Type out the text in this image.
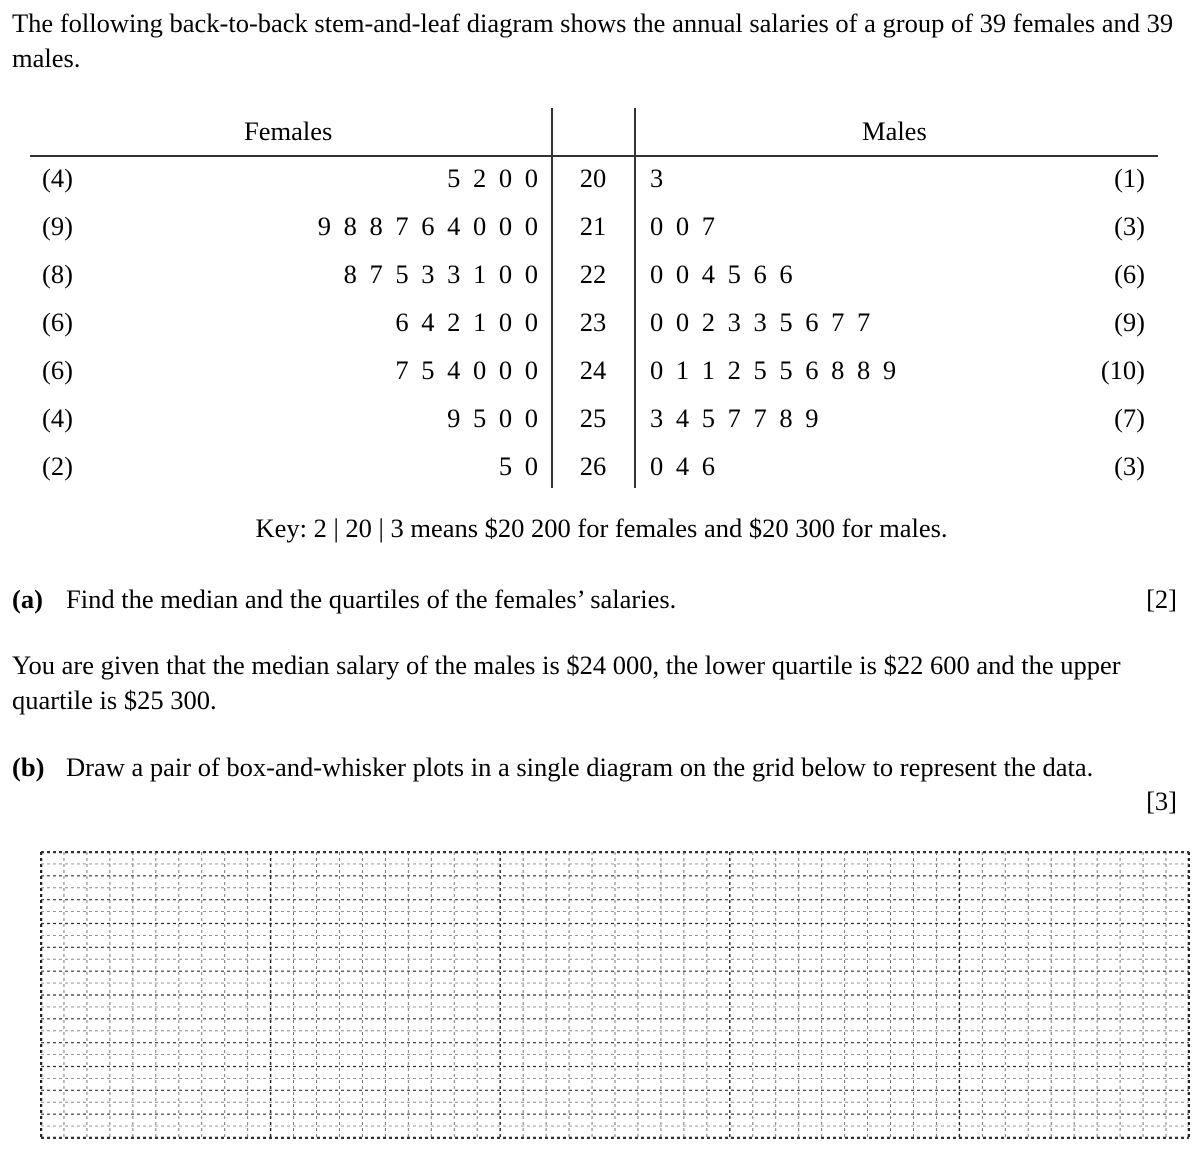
The following back-to-back stem-and-leaf diagram shows the annual salaries of a group of 39 females and 39 males.
Females	Males
(4)	5 2 0 0	20	3	(1)
(9)	9 8 8 7 6 4 0 0 0	21	0 0 7	(3)
(8)	8 7 5 3 3 1 0 0	22	0 0 4 5 6 6	(6)
(6)	6 4 2 1 0 0	23	0 0 2 3 3 5 6 7 7	(9)
(6)	7 5 4 0 0 0	24	0 1 1 2 5 5 6 8 8 9	(10)
(4)	9 5 0 0	25	3 4 5 7 7 8 9	(7)
(2)	5 0	26	0 4 6	(3)
Key: 2 | 20 | 3 means $20 200 for females and $20 300 for males.
(a) Find the median and the quartiles of the females’ salaries.	[2]
You are given that the median salary of the males is $24 000, the lower quartile is $22 600 and the upper quartile is $25 300.
(b) Draw a pair of box-and-whisker plots in a single diagram on the grid below to represent the data.
[3]
